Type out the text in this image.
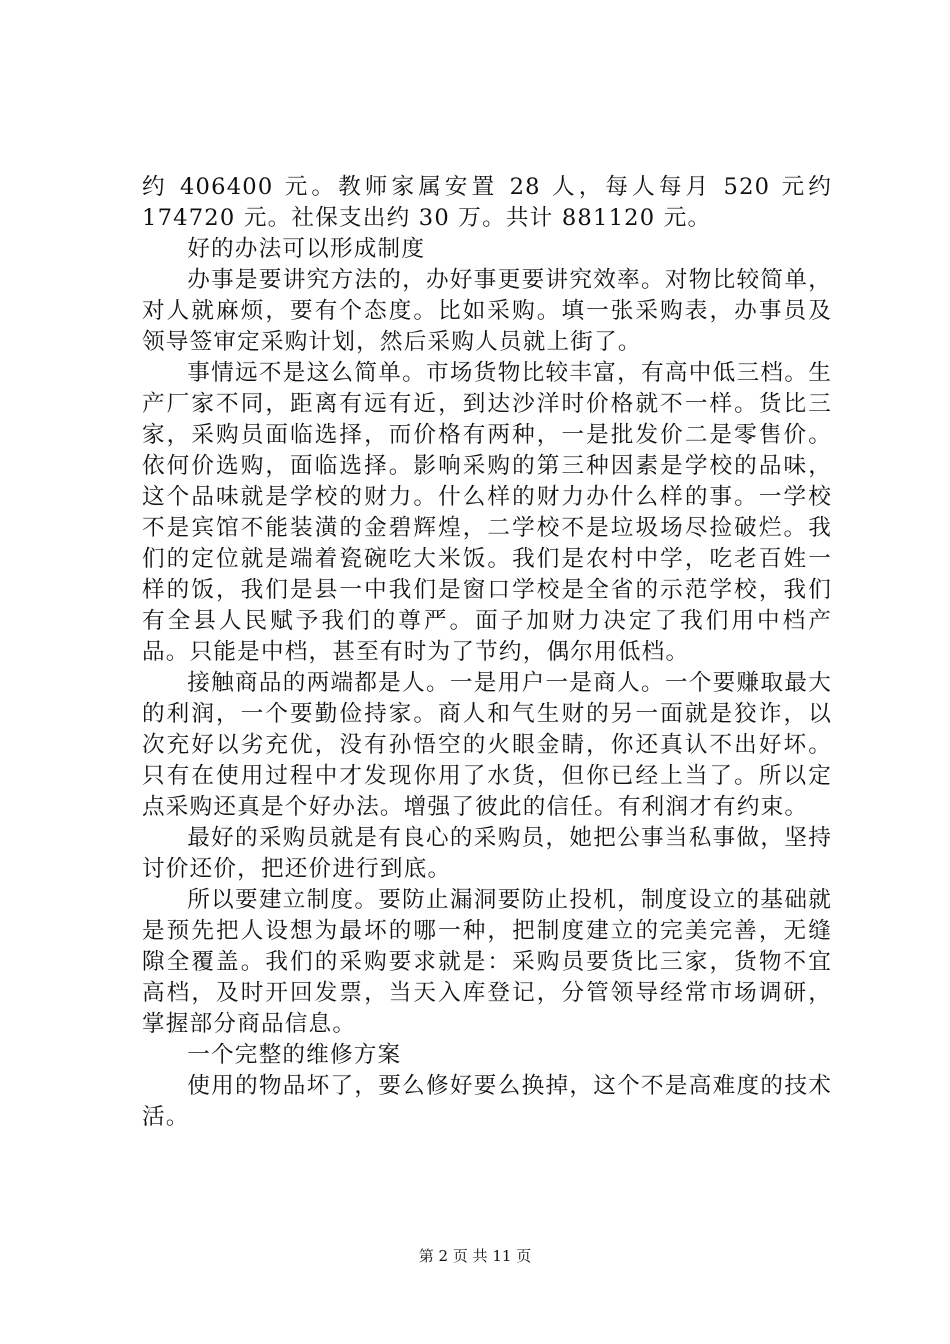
约 406400 元。教师家属安置 28 人，每人每月 520 元约 174720 元。社保支出约 30 万。共计 881120 元。

好的办法可以形成制度

办事是要讲究方法的，办好事更要讲究效率。对物比较简单，对人就麻烦，要有个态度。比如采购。填一张采购表，办事员及领导签审定采购计划，然后采购人员就上街了。

事情远不是这么简单。市场货物比较丰富，有高中低三档。生产厂家不同，距离有远有近，到达沙洋时价格就不一样。货比三家，采购员面临选择，而价格有两种，一是批发价二是零售价。依何价选购，面临选择。影响采购的第三种因素是学校的品味，这个品味就是学校的财力。什么样的财力办什么样的事。一学校不是宾馆不能装潢的金碧辉煌，二学校不是垃圾场尽捡破烂。我们的定位就是端着瓷碗吃大米饭。我们是农村中学，吃老百姓一样的饭，我们是县一中我们是窗口学校是全省的示范学校，我们有全县人民赋予我们的尊严。面子加财力决定了我们用中档产品。只能是中档，甚至有时为了节约，偶尔用低档。

接触商品的两端都是人。一是用户一是商人。一个要赚取最大的利润，一个要勤俭持家。商人和气生财的另一面就是狡诈，以次充好以劣充优，没有孙悟空的火眼金睛，你还真认不出好坏。只有在使用过程中才发现你用了水货，但你已经上当了。所以定点采购还真是个好办法。增强了彼此的信任。有利润才有约束。

最好的采购员就是有良心的采购员，她把公事当私事做，坚持讨价还价，把还价进行到底。

所以要建立制度。要防止漏洞要防止投机，制度设立的基础就是预先把人设想为最坏的哪一种，把制度建立的完美完善，无缝隙全覆盖。我们的采购要求就是：采购员要货比三家，货物不宜高档，及时开回发票，当天入库登记，分管领导经常市场调研，掌握部分商品信息。

一个完整的维修方案

使用的物品坏了，要么修好要么换掉，这个不是高难度的技术活。

第 2 页 共 11 页
